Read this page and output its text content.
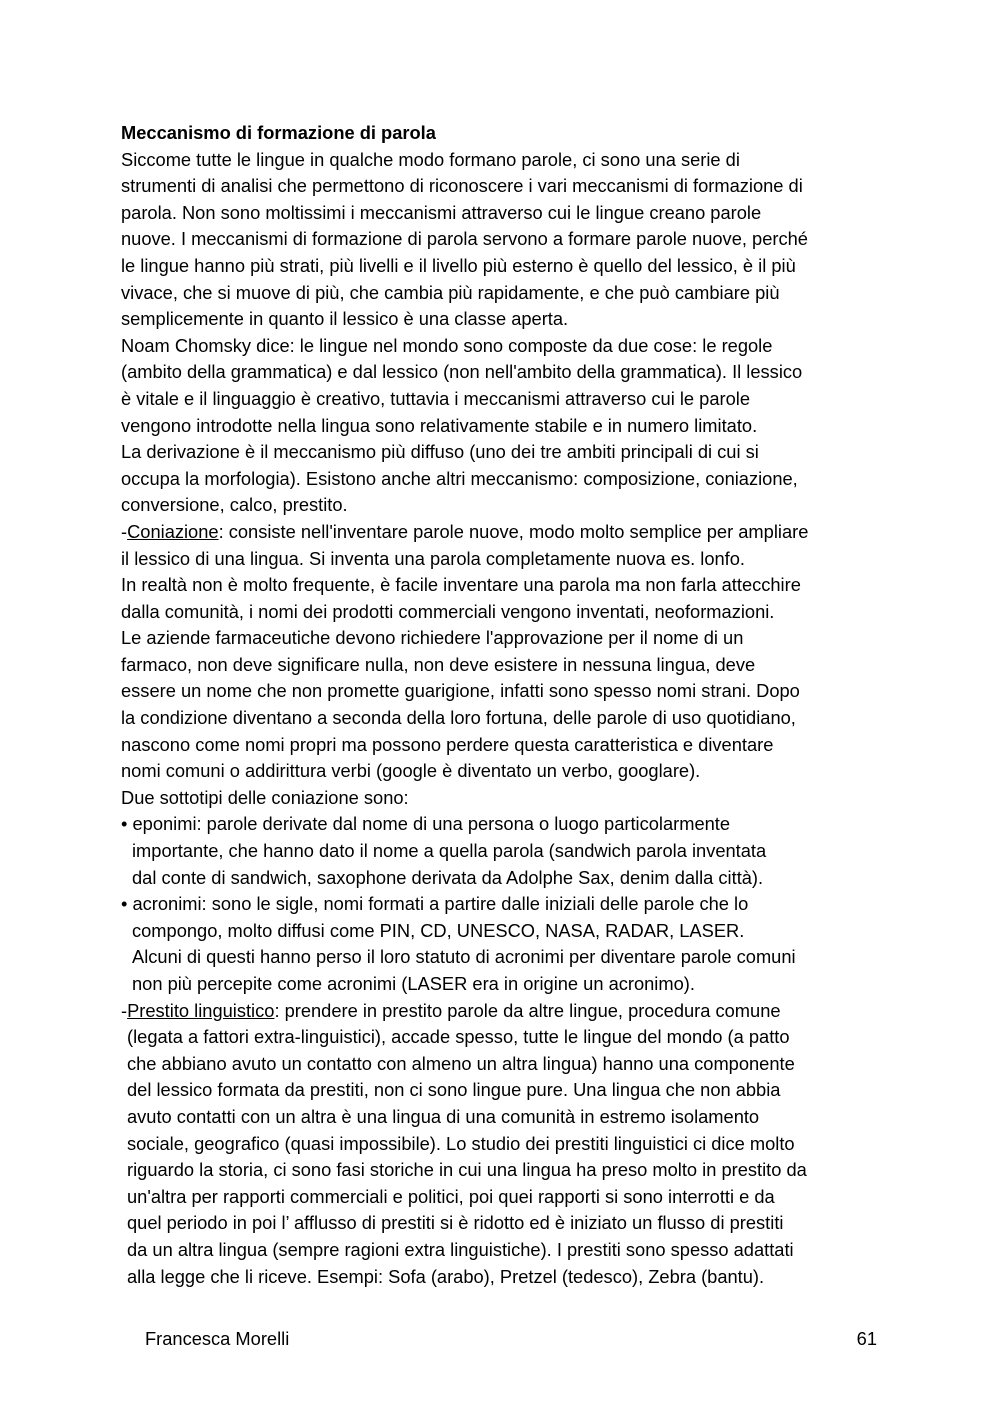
Meccanismo di formazione di parola
Siccome tutte le lingue in qualche modo formano parole, ci sono una serie di
strumenti di analisi che permettono di riconoscere i vari meccanismi di formazione di
parola. Non sono moltissimi i meccanismi attraverso cui le lingue creano parole
nuove. I meccanismi di formazione di parola servono a formare parole nuove, perché
le lingue hanno più strati, più livelli e il livello più esterno è quello del lessico, è il più
vivace, che si muove di più, che cambia più rapidamente, e che può cambiare più
semplicemente in quanto il lessico è una classe aperta.
Noam Chomsky dice: le lingue nel mondo sono composte da due cose: le regole
(ambito della grammatica) e dal lessico (non nell'ambito della grammatica). Il lessico
è vitale e il linguaggio è creativo, tuttavia i meccanismi attraverso cui le parole
vengono introdotte nella lingua sono relativamente stabile e in numero limitato.
La derivazione è il meccanismo più diffuso (uno dei tre ambiti principali di cui si
occupa la morfologia). Esistono anche altri meccanismo: composizione, coniazione,
conversione, calco, prestito.
-Coniazione: consiste nell'inventare parole nuove, modo molto semplice per ampliare
il lessico di una lingua. Si inventa una parola completamente nuova es. lonfo.
In realtà non è molto frequente, è facile inventare una parola ma non farla attecchire
dalla comunità, i nomi dei prodotti commerciali vengono inventati, neoformazioni.
Le aziende farmaceutiche devono richiedere l'approvazione per il nome di un
farmaco, non deve significare nulla, non deve esistere in nessuna lingua, deve
essere un nome che non promette guarigione, infatti sono spesso nomi strani. Dopo
la condizione diventano a seconda della loro fortuna, delle parole di uso quotidiano,
nascono come nomi propri ma possono perdere questa caratteristica e diventare
nomi comuni o addirittura verbi (google è diventato un verbo, googlare).
Due sottotipi delle coniazione sono:
• eponimi: parole derivate dal nome di una persona o luogo particolarmente
importante, che hanno dato il nome a quella parola (sandwich parola inventata
dal conte di sandwich, saxophone derivata da Adolphe Sax, denim dalla città).
• acronimi: sono le sigle, nomi formati a partire dalle iniziali delle parole che lo
compongo, molto diffusi come PIN, CD, UNESCO, NASA, RADAR, LASER.
Alcuni di questi hanno perso il loro statuto di acronimi per diventare parole comuni
non più percepite come acronimi (LASER era in origine un acronimo).
-Prestito linguistico: prendere in prestito parole da altre lingue, procedura comune
(legata a fattori extra-linguistici), accade spesso, tutte le lingue del mondo (a patto
che abbiano avuto un contatto con almeno un altra lingua) hanno una componente
del lessico formata da prestiti, non ci sono lingue pure. Una lingua che non abbia
avuto contatti con un altra è una lingua di una comunità in estremo isolamento
sociale, geografico (quasi impossibile). Lo studio dei prestiti linguistici ci dice molto
riguardo la storia, ci sono fasi storiche in cui una lingua ha preso molto in prestito da
un'altra per rapporti commerciali e politici, poi quei rapporti si sono interrotti e da
quel periodo in poi l’ afflusso di prestiti si è ridotto ed è iniziato un flusso di prestiti
da un altra lingua (sempre ragioni extra linguistiche). I prestiti sono spesso adattati
alla legge che li riceve. Esempi: Sofa (arabo), Pretzel (tedesco), Zebra (bantu).
Francesca Morelli	61
